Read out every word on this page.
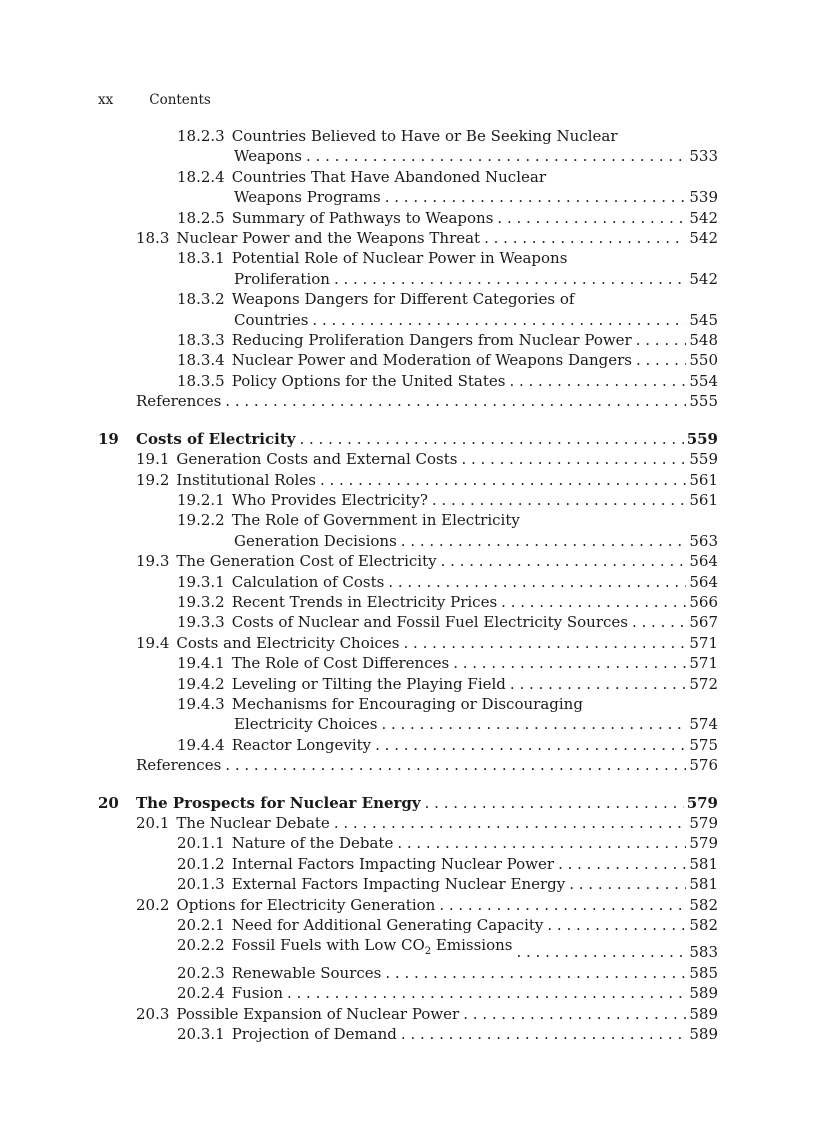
xx	Contents
18.2.3 Countries Believed to Have or Be Seeking Nuclear
Weapons . . .	533
18.2.4 Countries That Have Abandoned Nuclear
Weapons Programs . . .	539
18.2.5 Summary of Pathways to Weapons . . .	542
18.3 Nuclear Power and the Weapons Threat . . .	542
18.3.1 Potential Role of Nuclear Power in Weapons
Proliferation . . .	542
18.3.2 Weapons Dangers for Different Categories of
Countries . . .	545
18.3.3 Reducing Proliferation Dangers from Nuclear Power . . .	548
18.3.4 Nuclear Power and Moderation of Weapons Dangers . . .	550
18.3.5 Policy Options for the United States . . .	554
References . . .	555
19 Costs of Electricity . . .	559
19.1 Generation Costs and External Costs . . .	559
19.2 Institutional Roles . . .	561
19.2.1 Who Provides Electricity? . . .	561
19.2.2 The Role of Government in Electricity
Generation Decisions . . .	563
19.3 The Generation Cost of Electricity . . .	564
19.3.1 Calculation of Costs . . .	564
19.3.2 Recent Trends in Electricity Prices . . .	566
19.3.3 Costs of Nuclear and Fossil Fuel Electricity Sources . . .	567
19.4 Costs and Electricity Choices . . .	571
19.4.1 The Role of Cost Differences . . .	571
19.4.2 Leveling or Tilting the Playing Field . . .	572
19.4.3 Mechanisms for Encouraging or Discouraging
Electricity Choices . . .	574
19.4.4 Reactor Longevity . . .	575
References . . .	576
20 The Prospects for Nuclear Energy . . .	579
20.1 The Nuclear Debate . . .	579
20.1.1 Nature of the Debate . . .	579
20.1.2 Internal Factors Impacting Nuclear Power . . .	581
20.1.3 External Factors Impacting Nuclear Energy . . .	581
20.2 Options for Electricity Generation . . .	582
20.2.1 Need for Additional Generating Capacity . . .	582
20.2.2 Fossil Fuels with Low $CO_2$ Emissions . . .	583
20.2.3 Renewable Sources . . .	585
20.2.4 Fusion . . .	589
20.3 Possible Expansion of Nuclear Power . . .	589
20.3.1 Projection of Demand . . .	589
